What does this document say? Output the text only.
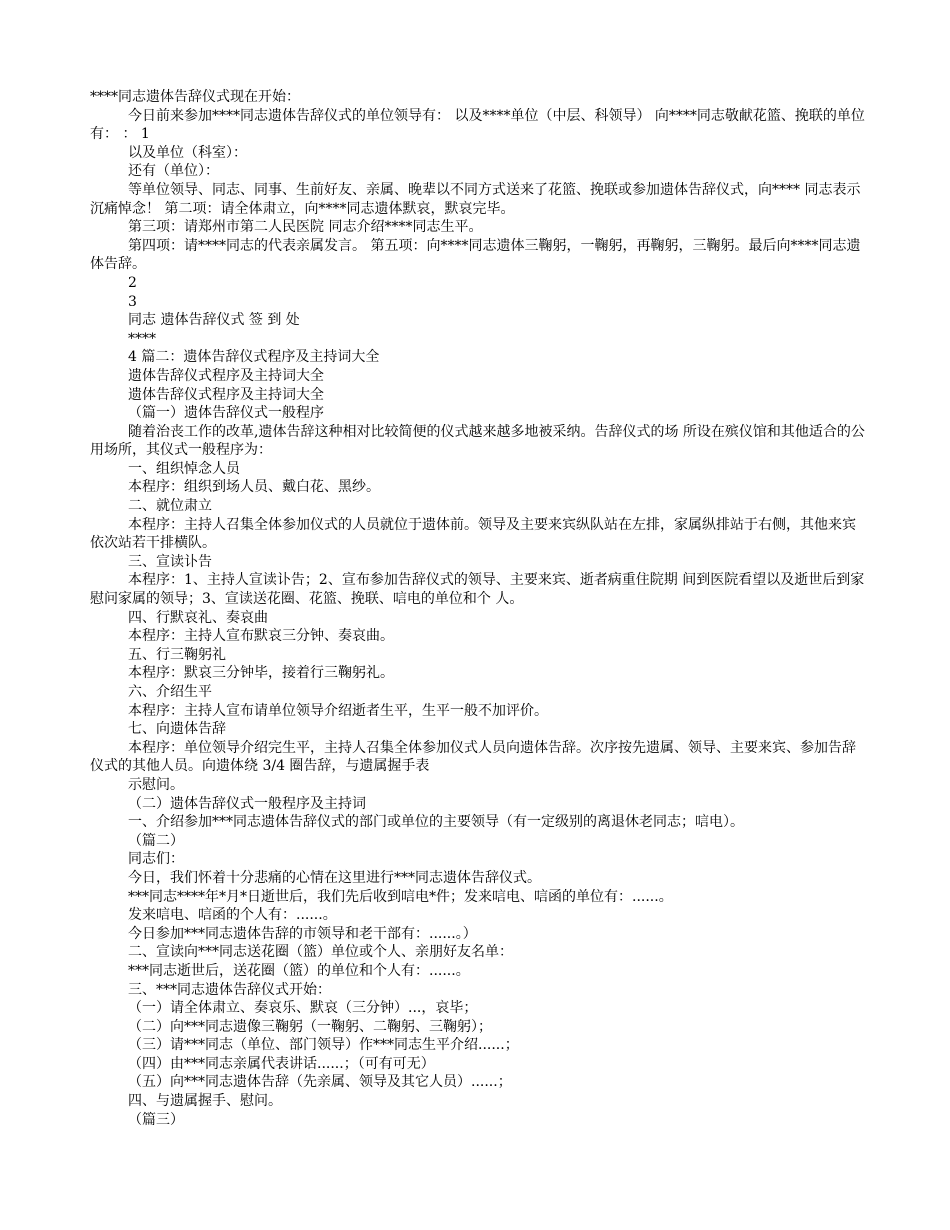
****同志遗体告辞仪式现在开始：

今日前来参加****同志遗体告辞仪式的单位领导有： 以及****单位（中层、科领导） 向****同志敬献花篮、挽联的单位有： ： 1

以及单位（科室）：

还有（单位）：

等单位领导、同志、同事、生前好友、亲属、晚辈以不同方式送来了花篮、挽联或参加遗体告辞仪式，向**** 同志表示沉痛悼念！ 第二项：请全体肃立，向****同志遗体默哀，默哀完毕。

第三项：请郑州市第二人民医院 同志介绍****同志生平。

第四项：请****同志的代表亲属发言。 第五项：向****同志遗体三鞠躬，一鞠躬，再鞠躬，三鞠躬。最后向****同志遗体告辞。

2

3

同志 遗体告辞仪式 签 到 处

****

4 篇二：遗体告辞仪式程序及主持词大全

遗体告辞仪式程序及主持词大全

遗体告辞仪式程序及主持词大全

（篇一）遗体告辞仪式一般程序

随着治丧工作的改革,遗体告辞这种相对比较简便的仪式越来越多地被采纳。告辞仪式的场 所设在殡仪馆和其他适合的公用场所，其仪式一般程序为：

一、组织悼念人员

本程序：组织到场人员、戴白花、黑纱。

二、就位肃立

本程序：主持人召集全体参加仪式的人员就位于遗体前。领导及主要来宾纵队站在左排，家属纵排站于右侧，其他来宾依次站若干排横队。

三、宣读讣告

本程序：1、主持人宣读讣告；2、宣布参加告辞仪式的领导、主要来宾、逝者病重住院期 间到医院看望以及逝世后到家慰问家属的领导；3、宣读送花圈、花篮、挽联、唁电的单位和个 人。

四、行默哀礼、奏哀曲

本程序：主持人宣布默哀三分钟、奏哀曲。

五、行三鞠躬礼

本程序：默哀三分钟毕，接着行三鞠躬礼。

六、介绍生平

本程序：主持人宣布请单位领导介绍逝者生平，生平一般不加评价。

七、向遗体告辞

本程序：单位领导介绍完生平，主持人召集全体参加仪式人员向遗体告辞。次序按先遗属、领导、主要来宾、参加告辞仪式的其他人员。向遗体绕 3/4 圈告辞，与遗属握手表

示慰问。

（二）遗体告辞仪式一般程序及主持词

一、介绍参加***同志遗体告辞仪式的部门或单位的主要领导（有一定级别的离退休老同志；唁电）。

（篇二）

同志们：

今日，我们怀着十分悲痛的心情在这里进行***同志遗体告辞仪式。

***同志****年*月*日逝世后，我们先后收到唁电*件；发来唁电、唁函的单位有：......。

发来唁电、唁函的个人有：......。

今日参加***同志遗体告辞的市领导和老干部有：......。）

二、宣读向***同志送花圈（篮）单位或个人、亲朋好友名单：

***同志逝世后，送花圈（篮）的单位和个人有：......。

三、***同志遗体告辞仪式开始：

（一）请全体肃立、奏哀乐、默哀（三分钟）...，哀毕；

（二）向***同志遗像三鞠躬（一鞠躬、二鞠躬、三鞠躬）；

（三）请***同志（单位、部门领导）作***同志生平介绍......；

（四）由***同志亲属代表讲话......；（可有可无）

（五）向***同志遗体告辞（先亲属、领导及其它人员）......；

四、与遗属握手、慰问。

（篇三）
